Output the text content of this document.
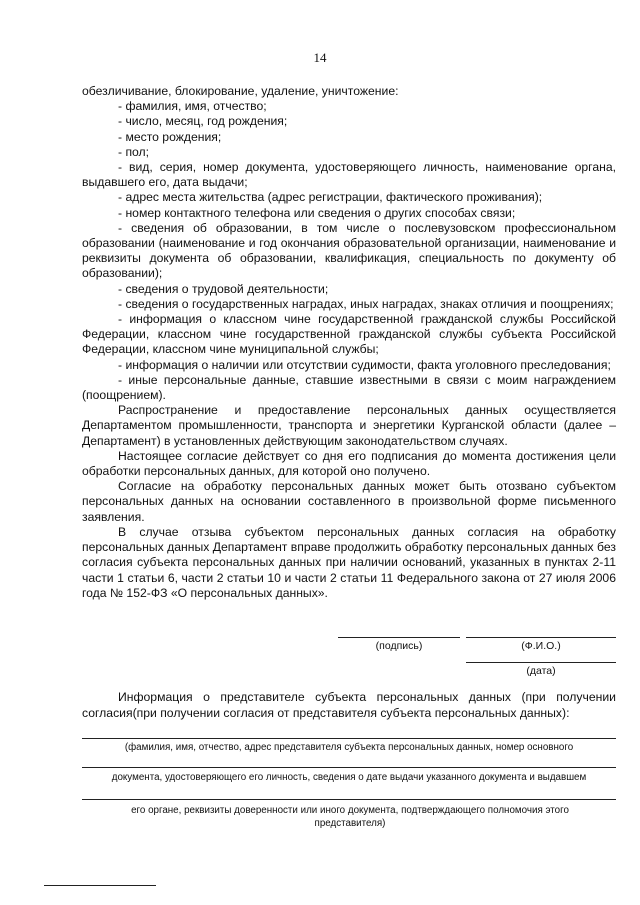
14

обезличивание, блокирование, удаление, уничтожение:

- фамилия, имя, отчество;

- число, месяц, год рождения;

- место рождения;

- пол;

- вид, серия, номер документа, удостоверяющего личность, наименование органа, выдавшего его, дата выдачи;

- адрес места жительства (адрес регистрации, фактического проживания);

- номер контактного телефона или сведения о других способах связи;

- сведения об образовании, в том числе о послевузовском профессиональном образовании (наименование и год окончания образовательной организации, наименование и реквизиты документа об образовании, квалификация, специальность по документу об образовании);

- сведения о трудовой деятельности;

- сведения о государственных наградах, иных наградах, знаках отличия и поощрениях;

- информация о классном чине государственной гражданской службы Российской Федерации, классном чине государственной гражданской службы субъекта Российской Федерации, классном чине муниципальной службы;

- информация о наличии или отсутствии судимости, факта уголовного преследования;

- иные персональные данные, ставшие известными в связи с моим награждением (поощрением).

Распространение и предоставление персональных данных осуществляется Департаментом промышленности, транспорта и энергетики Курганской области (далее – Департамент) в установленных действующим законодательством случаях.

Настоящее согласие действует со дня его подписания до момента достижения цели обработки персональных данных, для которой оно получено.

Согласие на обработку персональных данных может быть отозвано субъектом персональных данных на основании составленного в произвольной форме письменного заявления.

В случае отзыва субъектом персональных данных согласия на обработку персональных данных Департамент вправе продолжить обработку персональных данных без согласия субъекта персональных данных при наличии оснований, указанных в пунктах 2-11 части 1 статьи 6, части 2 статьи 10 и части 2 статьи 11 Федерального закона от 27 июля 2006 года № 152-ФЗ «О персональных данных».

(подпись)	(Ф.И.О.)
(дата)
Информация о представителе субъекта персональных данных (при получении согласия(при получении согласия от представителя субъекта персональных данных):
(фамилия, имя, отчество, адрес представителя субъекта персональных данных, номер основного
документа, удостоверяющего его личность, сведения о дате выдачи указанного документа и выдавшем
его органе, реквизиты доверенности или иного документа, подтверждающего полномочия этого представителя)
